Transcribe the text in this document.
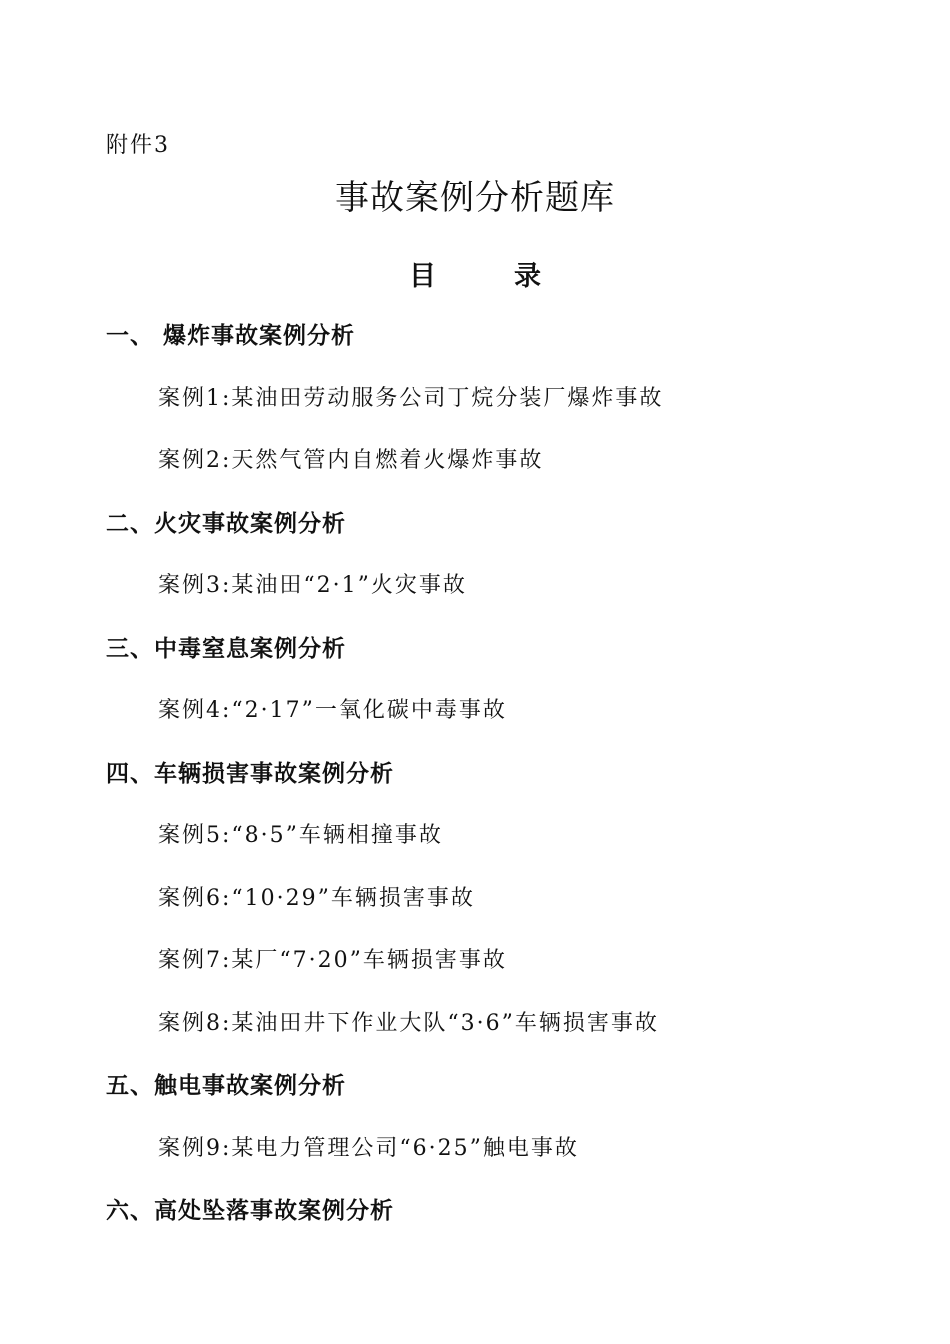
附件3
事故案例分析题库
目	录
一、 爆炸事故案例分析
案例1:某油田劳动服务公司丁烷分装厂爆炸事故
案例2:天然气管内自燃着火爆炸事故
二、火灾事故案例分析
案例3:某油田“2·1”火灾事故
三、中毒窒息案例分析
案例4:“2·17”一氧化碳中毒事故
四、车辆损害事故案例分析
案例5:“8·5”车辆相撞事故
案例6:“10·29”车辆损害事故
案例7:某厂“7·20”车辆损害事故
案例8:某油田井下作业大队“3·6”车辆损害事故
五、触电事故案例分析
案例9:某电力管理公司“6·25”触电事故
六、高处坠落事故案例分析
